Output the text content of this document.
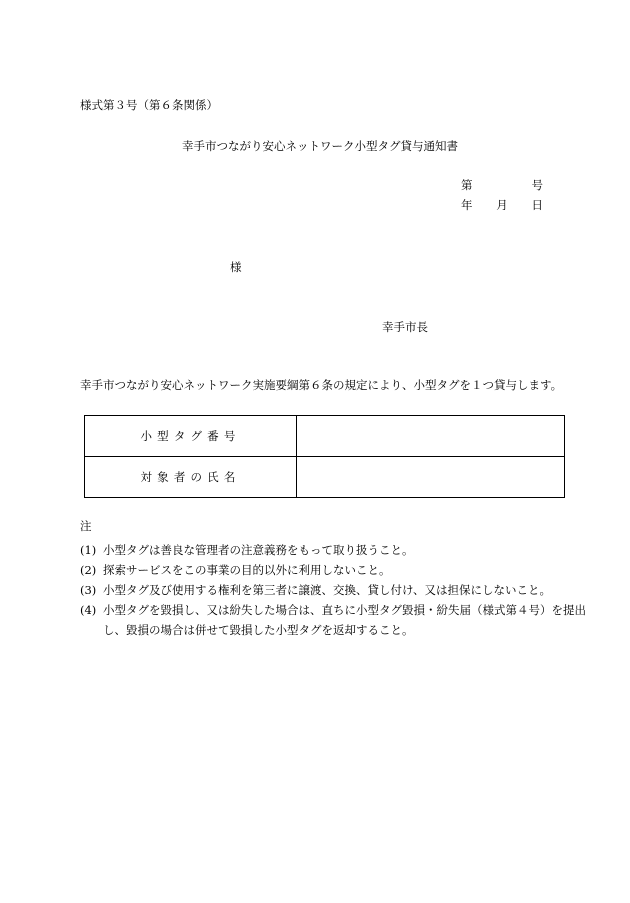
様式第３号（第６条関係）
幸手市つながり安心ネットワーク小型タグ貸与通知書
第	号
年 月 日
様
幸手市長
幸手市つながり安心ネットワーク実施要綱第６条の規定により、小型タグを１つ貸与します。
小型タグ番号	
対象者の氏名	
注
(1) 小型タグは善良な管理者の注意義務をもって取り扱うこと。
(2) 探索サービスをこの事業の目的以外に利用しないこと。
(3) 小型タグ及び使用する権利を第三者に譲渡、交換、貸し付け、又は担保にしないこと。
(4) 小型タグを毀損し、又は紛失した場合は、直ちに小型タグ毀損・紛失届（様式第４号）を提出し、毀損の場合は併せて毀損した小型タグを返却すること。
